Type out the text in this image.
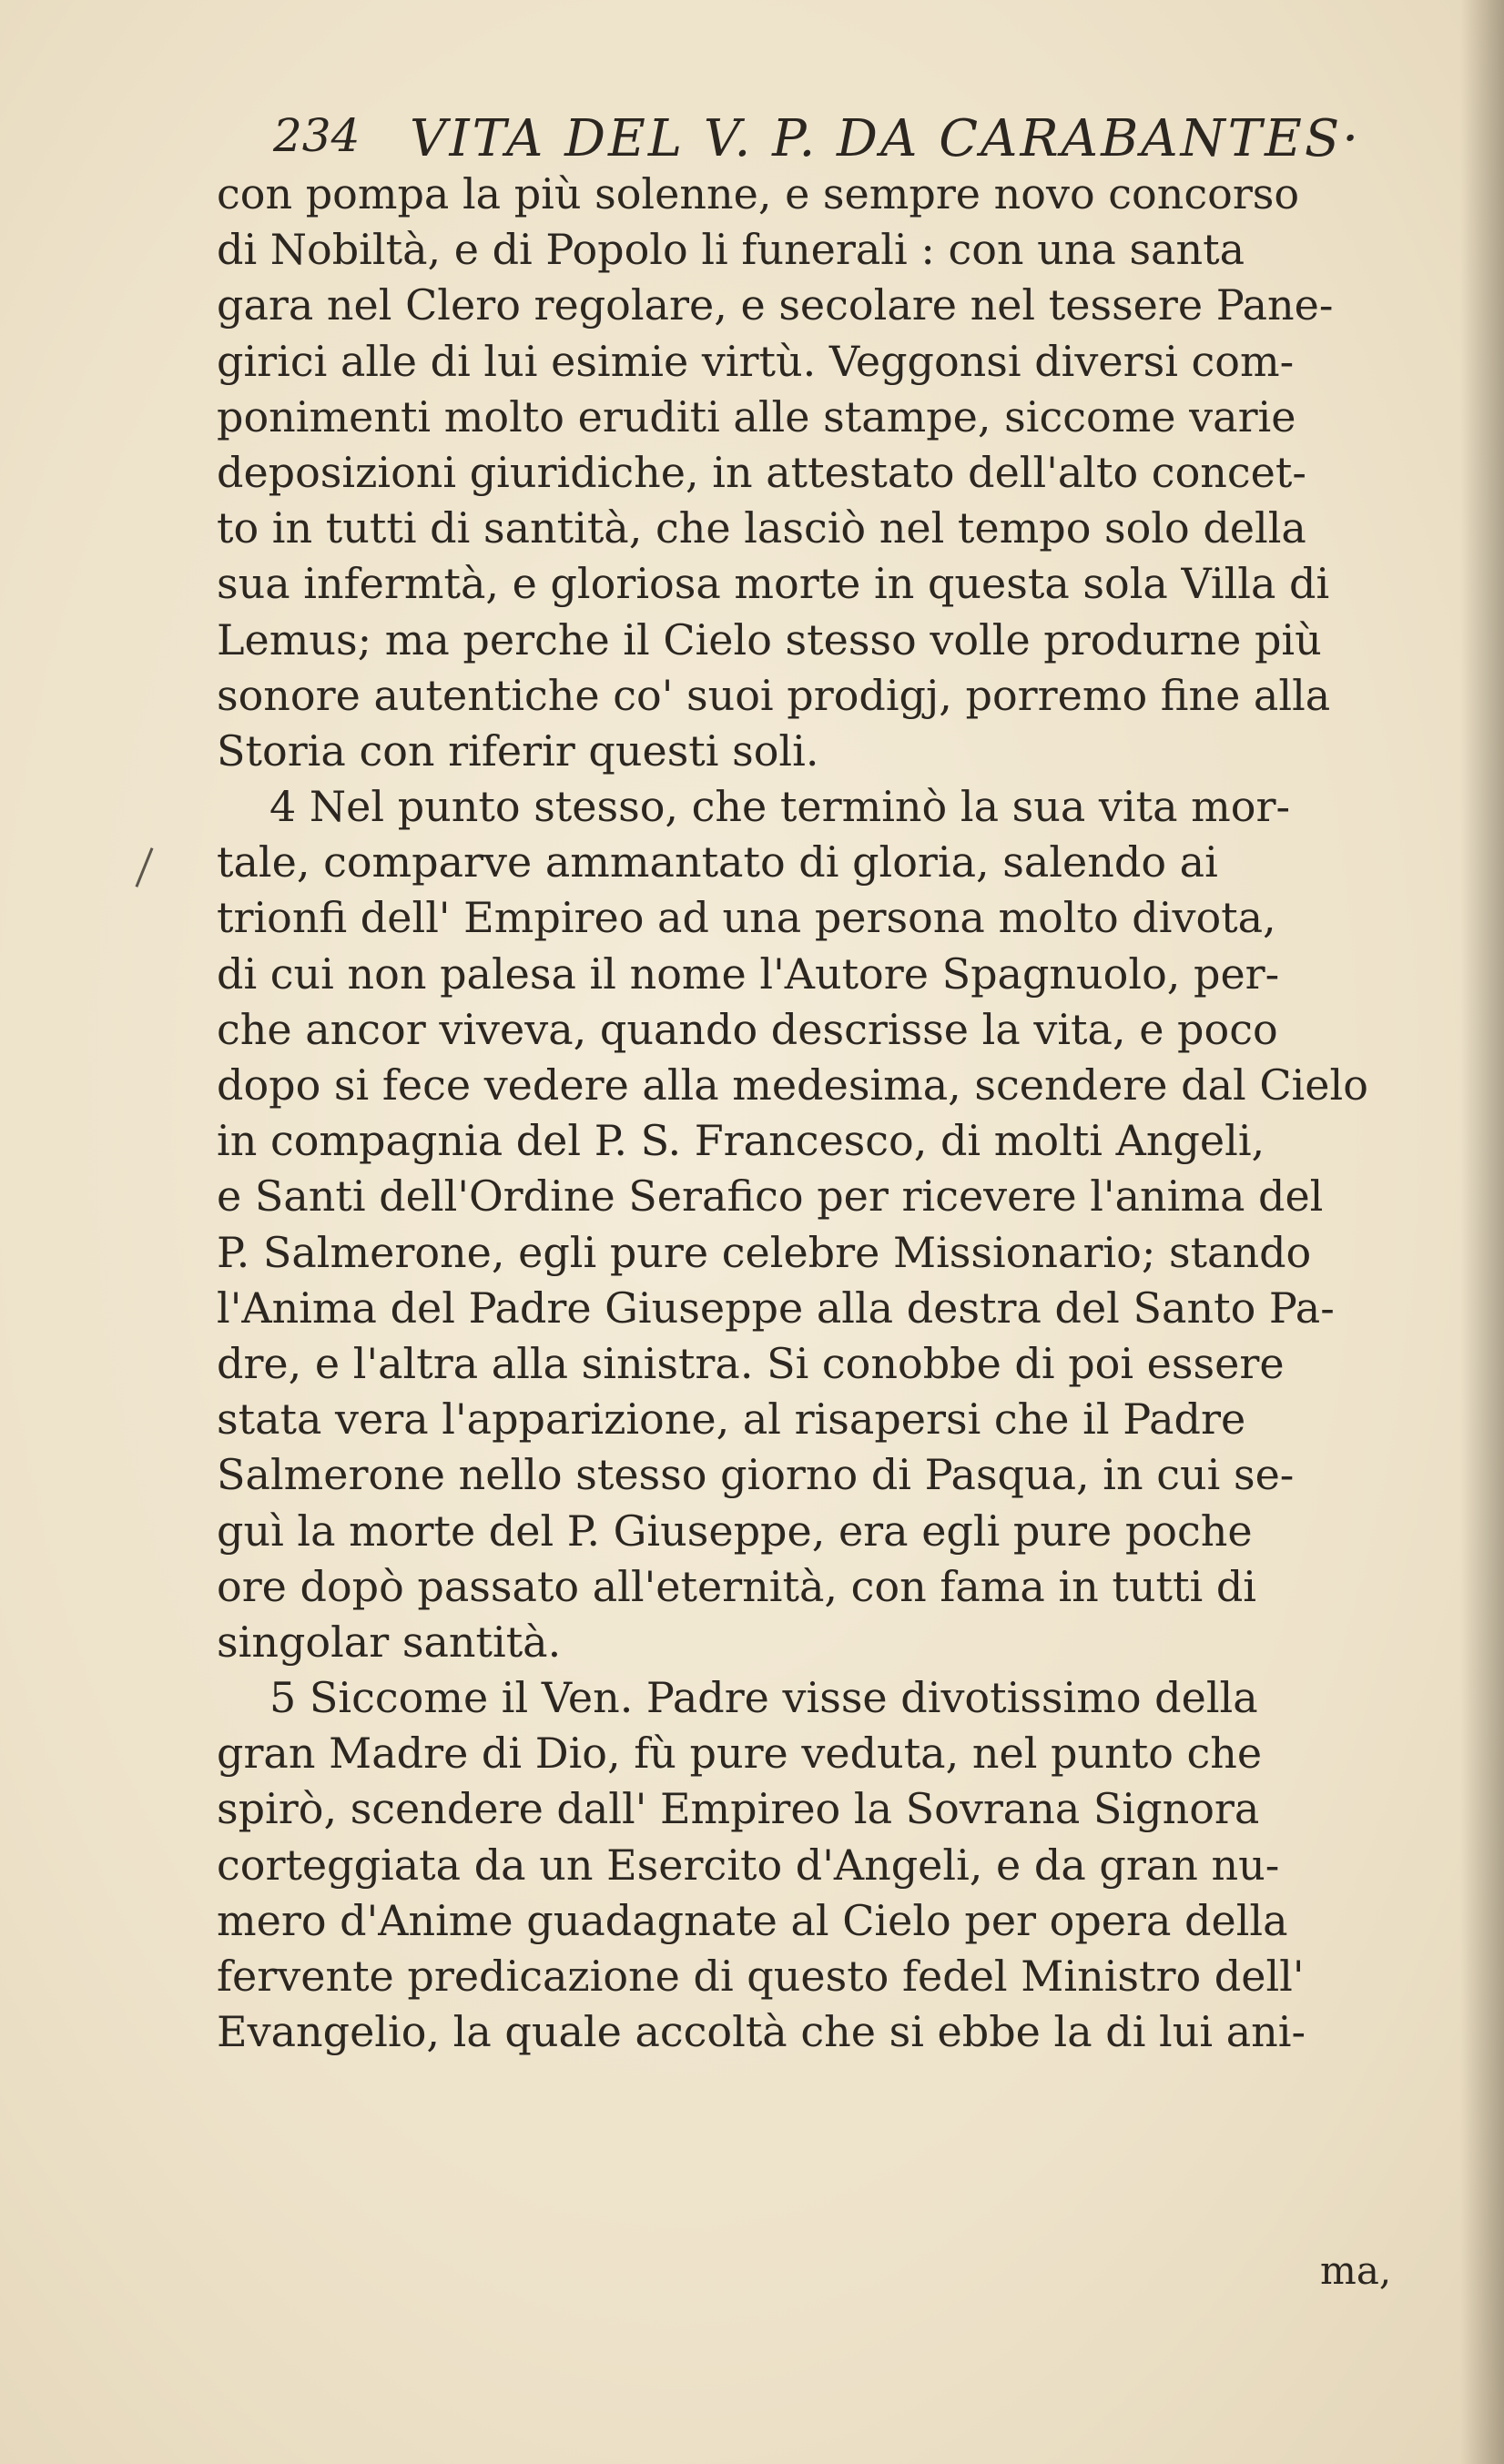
234 VITA DEL V. P. DA CARABANTES·
con pompa la più solenne, e sempre novo concorso
di Nobiltà, e di Popolo li funerali : con una santa
gara nel Clero regolare, e secolare nel tessere Pane-
girici alle di lui esimie virtù. Veggonsi diversi com-
ponimenti molto eruditi alle stampe, siccome varie
deposizioni giuridiche, in attestato dell'alto concet-
to in tutti di santità, che lasciò nel tempo solo della
sua infermtà, e gloriosa morte in questa sola Villa di
Lemus; ma perche il Cielo stesso volle produrne più
sonore autentiche co' suoi prodigj, porremo fine alla
Storia con riferir questi soli.
4 Nel punto stesso, che terminò la sua vita mor-
tale, comparve ammantato di gloria, salendo ai
trionfi dell' Empireo ad una persona molto divota,
di cui non palesa il nome l'Autore Spagnuolo, per-
che ancor viveva, quando descrisse la vita, e poco
dopo si fece vedere alla medesima, scendere dal Cielo
in compagnia del P. S. Francesco, di molti Angeli,
e Santi dell'Ordine Serafico per ricevere l'anima del
P. Salmerone, egli pure celebre Missionario; stando
l'Anima del Padre Giuseppe alla destra del Santo Pa-
dre, e l'altra alla sinistra. Si conobbe di poi essere
stata vera l'apparizione, al risapersi che il Padre
Salmerone nello stesso giorno di Pasqua, in cui se-
guì la morte del P. Giuseppe, era egli pure poche
ore dopò passato all'eternità, con fama in tutti di
singolar santità.
5 Siccome il Ven. Padre visse divotissimo della
gran Madre di Dio, fù pure veduta, nel punto che
spirò, scendere dall' Empireo la Sovrana Signora
corteggiata da un Esercito d'Angeli, e da gran nu-
mero d'Anime guadagnate al Cielo per opera della
fervente predicazione di questo fedel Ministro dell'
Evangelio, la quale accoltà che si ebbe la di lui ani-
ma,
